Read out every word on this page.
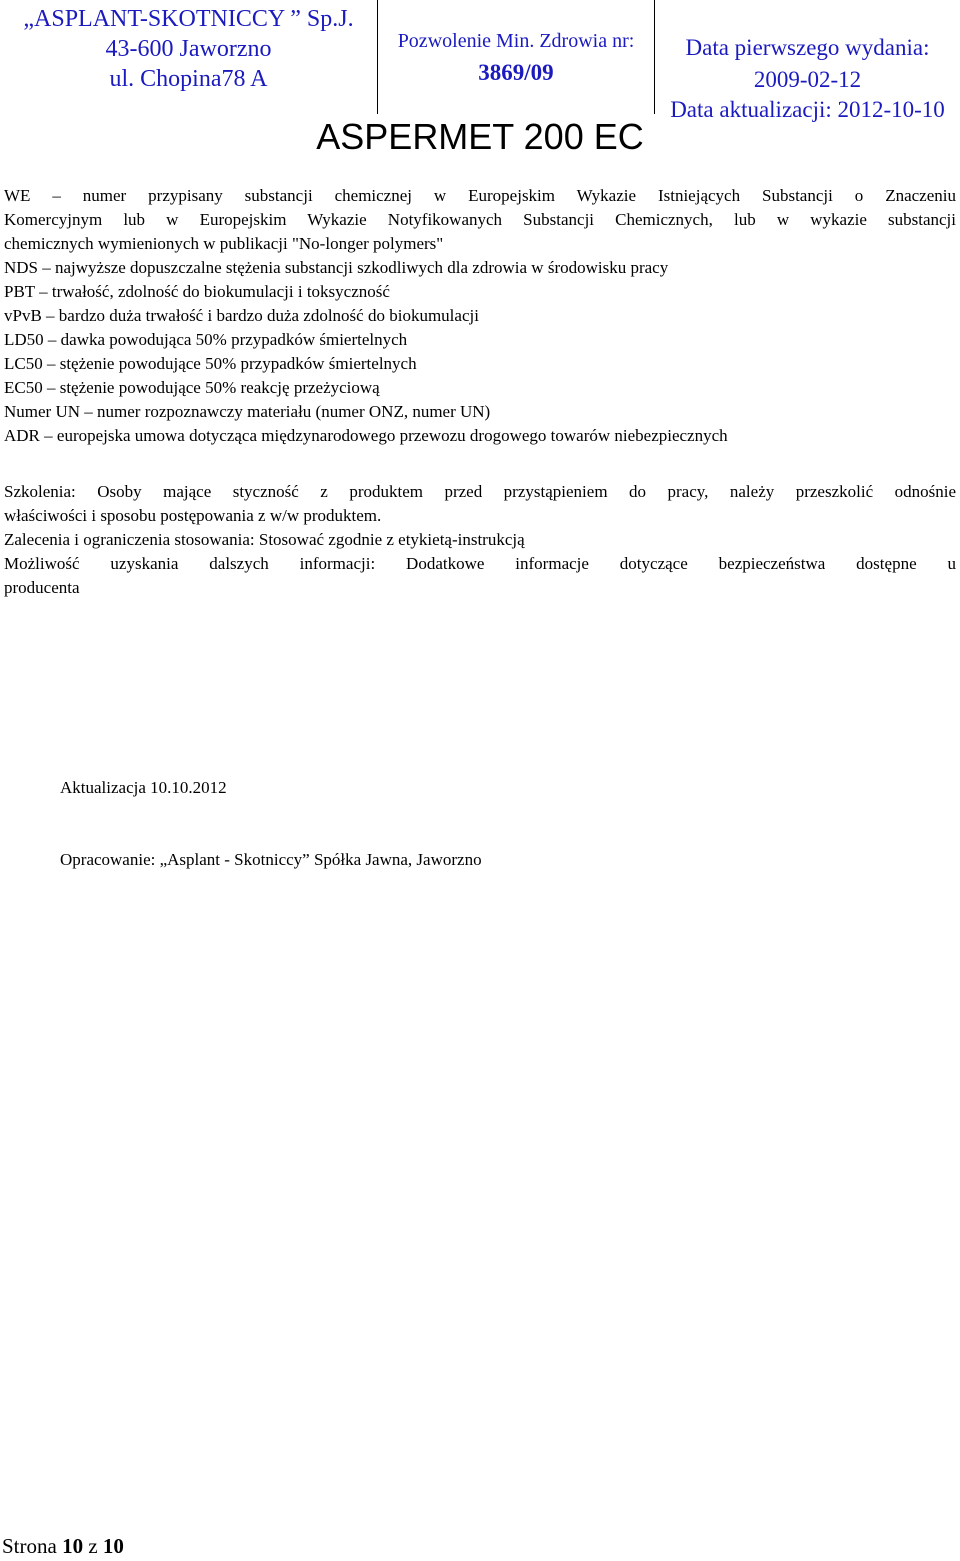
„ASPLANT-SKOTNICCY ” Sp.J.
43-600 Jaworzno
ul. Chopina78 A
Pozwolenie Min. Zdrowia nr:
3869/09
Data pierwszego wydania:
2009-02-12
Data aktualizacji: 2012-10-10
ASPERMET 200 EC
WE – numer przypisany substancji chemicznej w Europejskim Wykazie Istniejących Substancji o Znaczeniu
Komercyjnym lub w Europejskim Wykazie Notyfikowanych Substancji Chemicznych, lub w wykazie substancji
chemicznych wymienionych w publikacji "No-longer polymers"
NDS – najwyższe dopuszczalne stężenia substancji szkodliwych dla zdrowia w środowisku pracy
PBT – trwałość, zdolność do biokumulacji i toksyczność
vPvB – bardzo duża trwałość i bardzo duża zdolność do biokumulacji
LD50 – dawka powodująca 50% przypadków śmiertelnych
LC50 – stężenie powodujące 50% przypadków śmiertelnych
EC50 – stężenie powodujące 50% reakcję przeżyciową
Numer UN – numer rozpoznawczy materiału (numer ONZ, numer UN)
ADR – europejska umowa dotycząca międzynarodowego przewozu drogowego towarów niebezpiecznych
Szkolenia: Osoby mające styczność z produktem przed przystąpieniem do pracy, należy przeszkolić odnośnie
właściwości i sposobu postępowania z w/w produktem.
Zalecenia i ograniczenia stosowania: Stosować zgodnie z etykietą-instrukcją
Możliwość uzyskania dalszych informacji: Dodatkowe informacje dotyczące bezpieczeństwa dostępne u
producenta
Aktualizacja 10.10.2012
Opracowanie: „Asplant - Skotniccy” Spółka Jawna, Jaworzno
Strona 10 z 10
